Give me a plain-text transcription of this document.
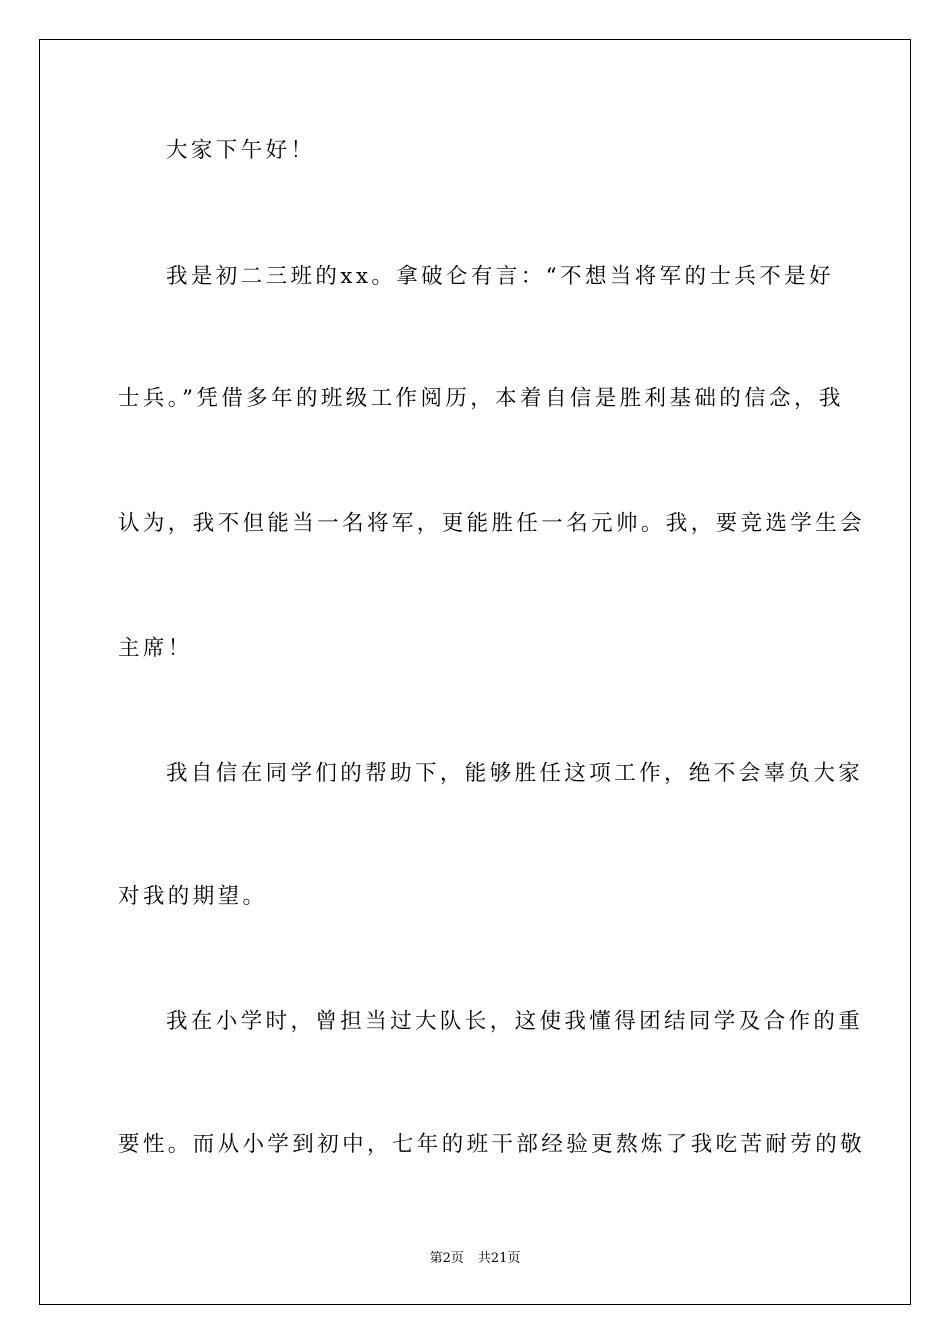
大家下午好！
我是初二三班的xx。拿破仑有言：“不想当将军的士兵不是好
士兵。”凭借多年的班级工作阅历，本着自信是胜利基础的信念，我
认为，我不但能当一名将军，更能胜任一名元帅。我，要竞选学生会
主席！
我自信在同学们的帮助下，能够胜任这项工作，绝不会辜负大家
对我的期望。
我在小学时，曾担当过大队长，这使我懂得团结同学及合作的重
要性。而从小学到初中，七年的班干部经验更熬炼了我吃苦耐劳的敬
第2页 共21页
